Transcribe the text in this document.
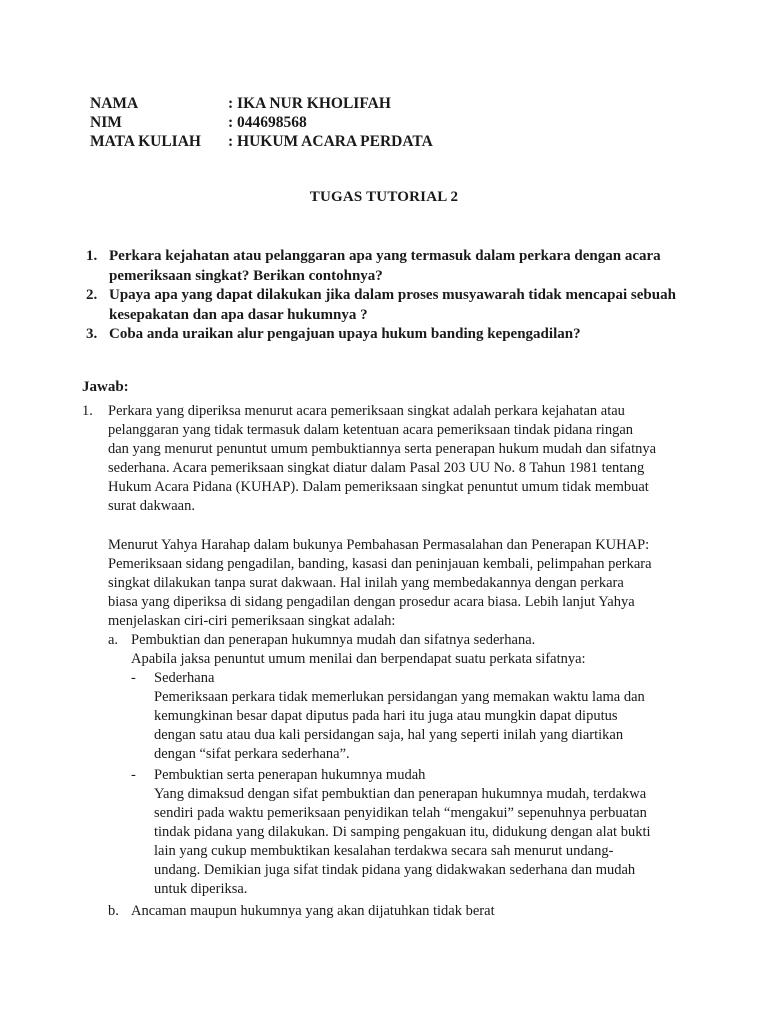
NAMA	: IKA NUR KHOLIFAH
NIM	: 044698568
MATA KULIAH : HUKUM ACARA PERDATA
TUGAS TUTORIAL 2
1. Perkara kejahatan atau pelanggaran apa yang termasuk dalam perkara dengan acara pemeriksaan singkat? Berikan contohnya?
2. Upaya apa yang dapat dilakukan jika dalam proses musyawarah tidak mencapai sebuah kesepakatan dan apa dasar hukumnya ?
3. Coba anda uraikan alur pengajuan upaya hukum banding kepengadilan?
Jawab:
1. Perkara yang diperiksa menurut acara pemeriksaan singkat adalah perkara kejahatan atau
pelanggaran yang tidak termasuk dalam ketentuan acara pemeriksaan tindak pidana ringan
dan yang menurut penuntut umum pembuktiannya serta penerapan hukum mudah dan sifatnya
sederhana. Acara pemeriksaan singkat diatur dalam Pasal 203 UU No. 8 Tahun 1981 tentang
Hukum Acara Pidana (KUHAP). Dalam pemeriksaan singkat penuntut umum tidak membuat
surat dakwaan.
Menurut Yahya Harahap dalam bukunya Pembahasan Permasalahan dan Penerapan KUHAP:
Pemeriksaan sidang pengadilan, banding, kasasi dan peninjauan kembali, pelimpahan perkara
singkat dilakukan tanpa surat dakwaan. Hal inilah yang membedakannya dengan perkara
biasa yang diperiksa di sidang pengadilan dengan prosedur acara biasa. Lebih lanjut Yahya
menjelaskan ciri-ciri pemeriksaan singkat adalah:
a. Pembuktian dan penerapan hukumnya mudah dan sifatnya sederhana.
Apabila jaksa penuntut umum menilai dan berpendapat suatu perkata sifatnya:
- Sederhana
Pemeriksaan perkara tidak memerlukan persidangan yang memakan waktu lama dan
kemungkinan besar dapat diputus pada hari itu juga atau mungkin dapat diputus
dengan satu atau dua kali persidangan saja, hal yang seperti inilah yang diartikan
dengan “sifat perkara sederhana”.
- Pembuktian serta penerapan hukumnya mudah
Yang dimaksud dengan sifat pembuktian dan penerapan hukumnya mudah, terdakwa
sendiri pada waktu pemeriksaan penyidikan telah “mengakui” sepenuhnya perbuatan
tindak pidana yang dilakukan. Di samping pengakuan itu, didukung dengan alat bukti
lain yang cukup membuktikan kesalahan terdakwa secara sah menurut undang-
undang. Demikian juga sifat tindak pidana yang didakwakan sederhana dan mudah
untuk diperiksa.
b. Ancaman maupun hukumnya yang akan dijatuhkan tidak berat
